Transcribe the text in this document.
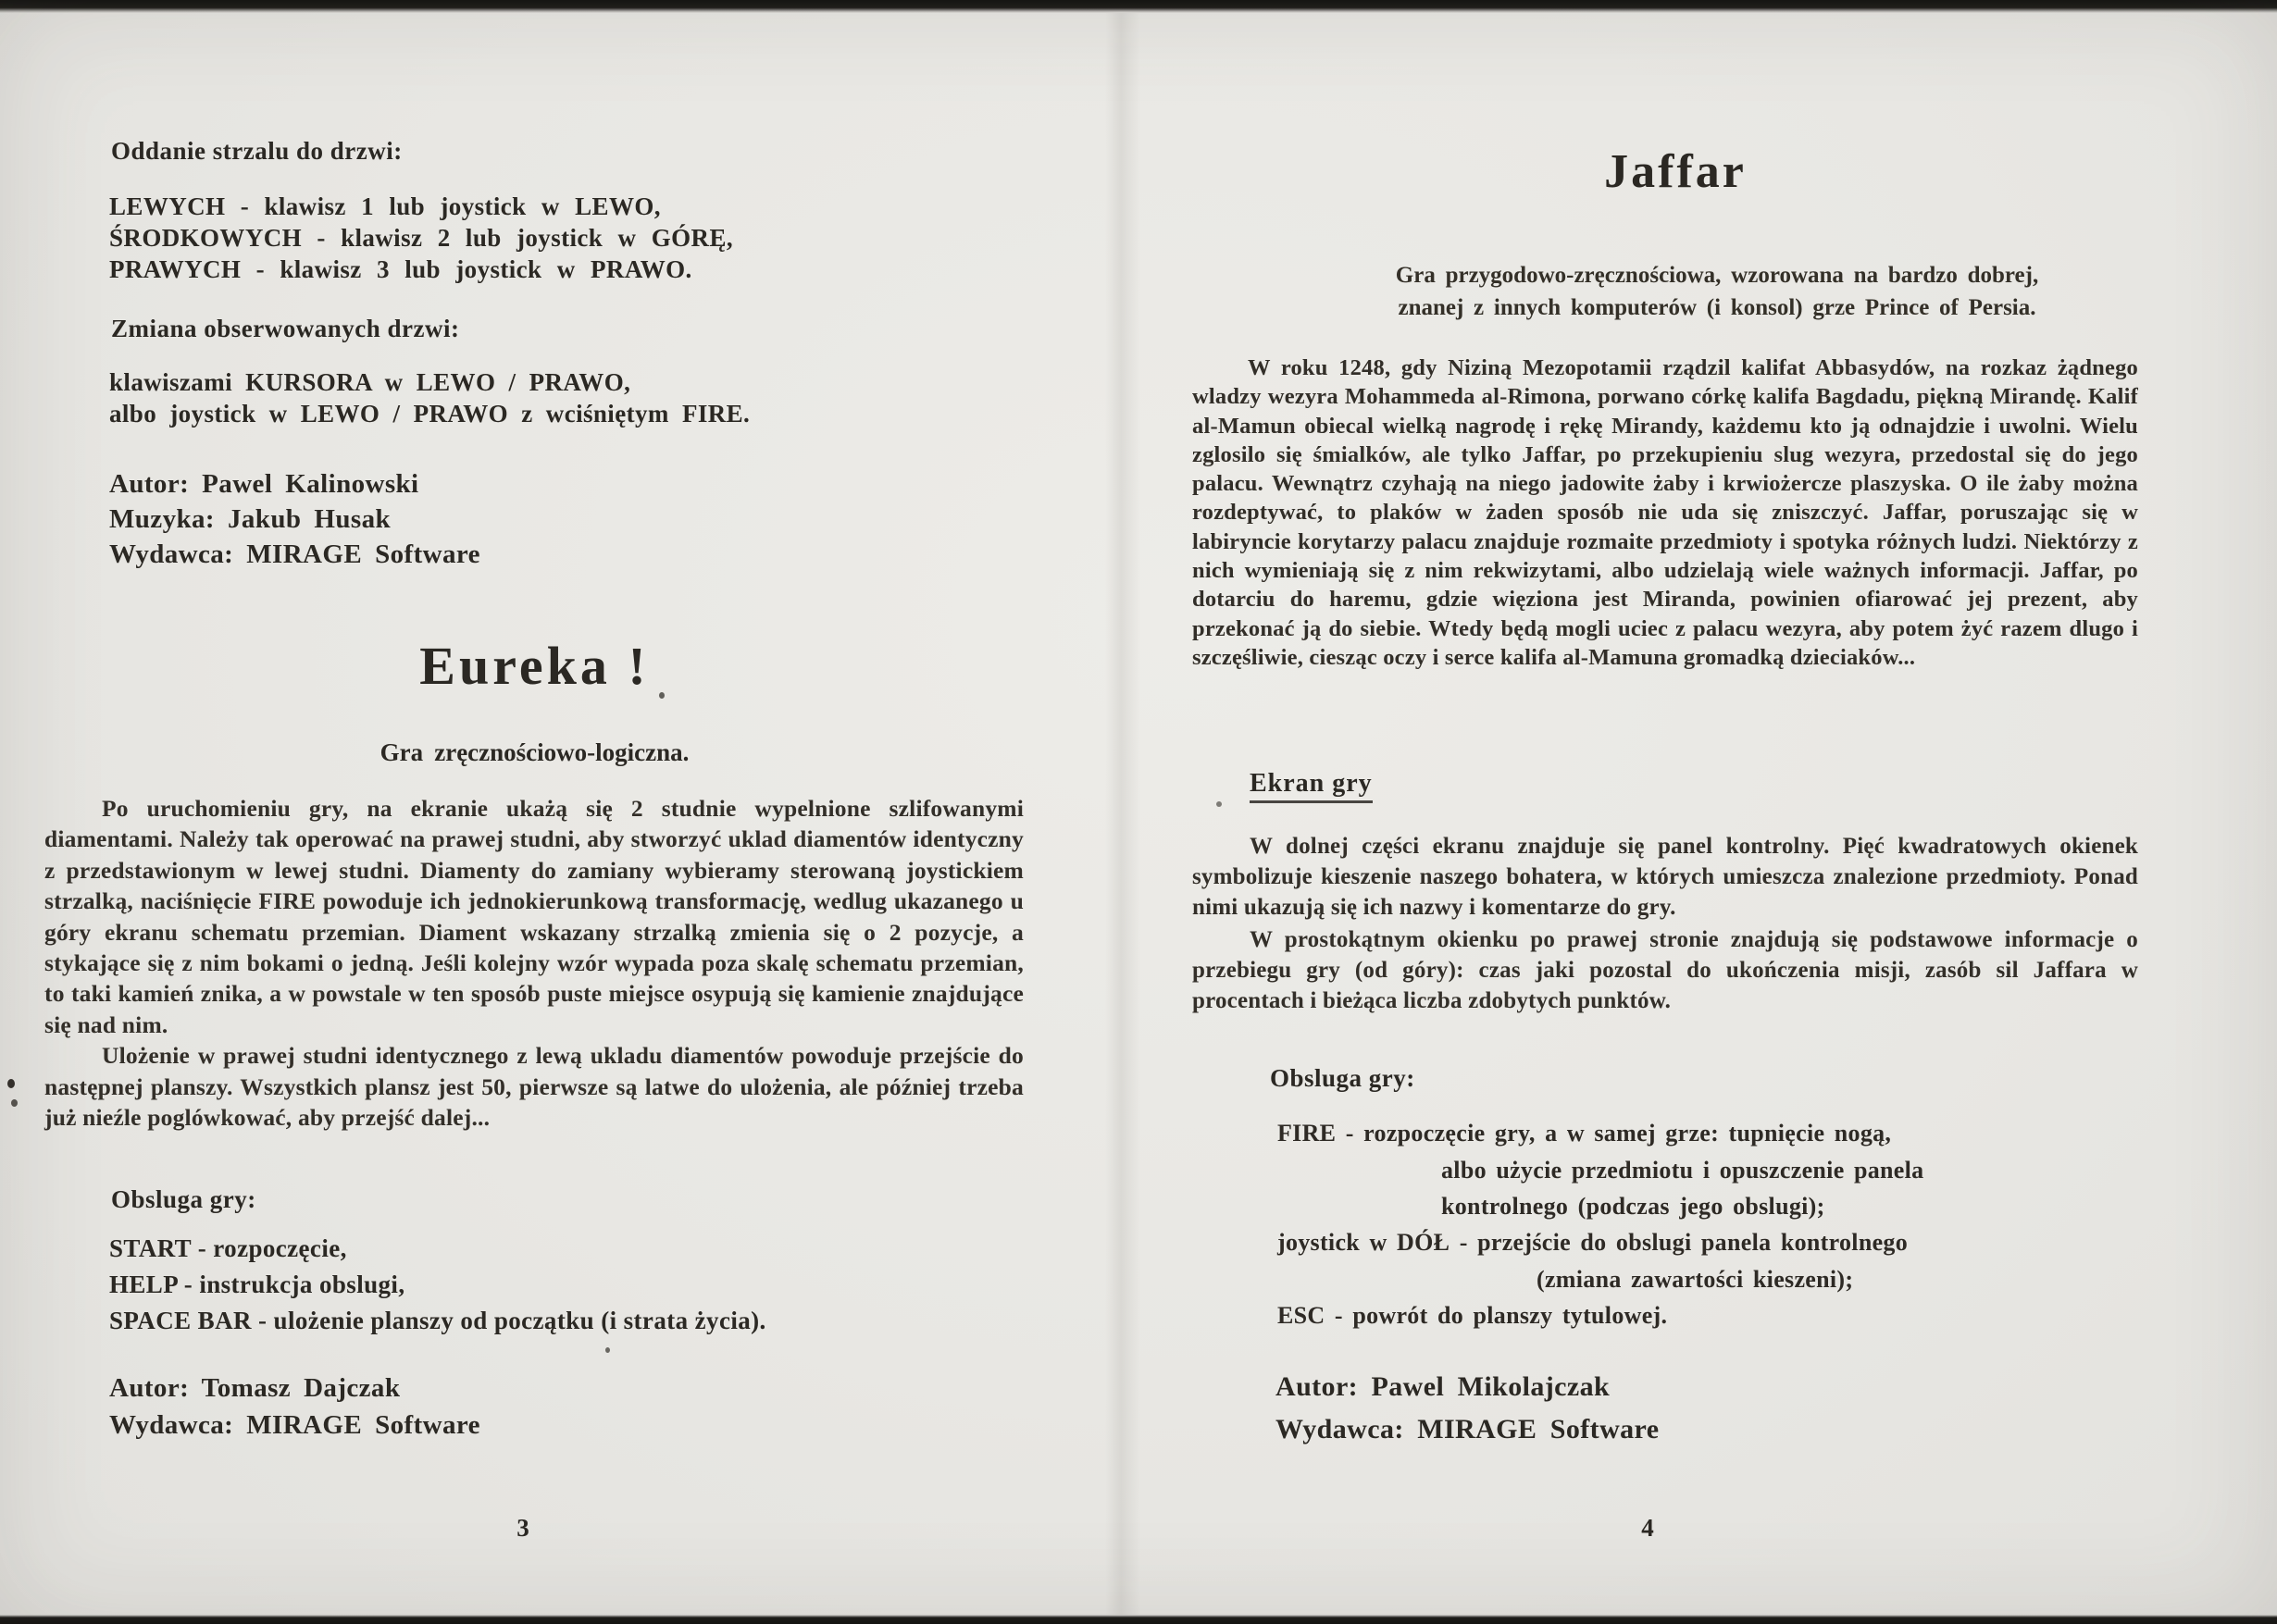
Oddanie strzalu do drzwi:
LEWYCH - klawisz 1 lub joystick w LEWO,
ŚRODKOWYCH - klawisz 2 lub joystick w GÓRĘ,
PRAWYCH - klawisz 3 lub joystick w PRAWO.
Zmiana obserwowanych drzwi:
klawiszami KURSORA w LEWO / PRAWO,
albo joystick w LEWO / PRAWO z wciśniętym FIRE.
Autor: Pawel Kalinowski
Muzyka: Jakub Husak
Wydawca: MIRAGE Software
Eureka !
Gra zręcznościowo-logiczna.

Po uruchomieniu gry, na ekranie ukażą się 2 studnie wypelnione szlifowanymi diamentami. Należy tak operować na prawej studni, aby stworzyć uklad diamentów identyczny z przedstawionym w lewej studni. Diamenty do zamiany wybieramy sterowaną joystickiem strzalką, naciśnięcie FIRE powoduje ich jednokierunkową transformację, wedlug ukazanego u góry ekranu schematu przemian. Diament wskazany strzalką zmienia się o 2 pozycje, a stykające się z nim bokami o jedną. Jeśli kolejny wzór wypada poza skalę schematu przemian, to taki kamień znika, a w powstale w ten sposób puste miejsce osypują się kamienie znajdujące się nad nim.

Ulożenie w prawej studni identycznego z lewą ukladu diamentów powoduje przejście do następnej planszy. Wszystkich plansz jest 50, pierwsze są latwe do ulożenia, ale później trzeba już nieźle poglówkować, aby przejść dalej...

Obsluga gry:
START - rozpoczęcie,
HELP - instrukcja obslugi,
SPACE BAR - ulożenie planszy od początku (i strata życia).
Autor: Tomasz Dajczak
Wydawca: MIRAGE Software
3
Jaffar
Gra przygodowo-zręcznościowa, wzorowana na bardzo dobrej,
znanej z innych komputerów (i konsol) grze Prince of Persia.

W roku 1248, gdy Niziną Mezopotamii rządzil kalifat Abbasydów, na rozkaz żądnego wladzy wezyra Mohammeda al-Rimona, porwano córkę kalifa Bagdadu, piękną Mirandę. Kalif al-Mamun obiecal wielką nagrodę i rękę Mirandy, każdemu kto ją odnajdzie i uwolni. Wielu zglosilo się śmialków, ale tylko Jaffar, po przekupieniu slug wezyra, przedostal się do jego palacu. Wewnątrz czyhają na niego jadowite żaby i krwiożercze plaszyska. O ile żaby można rozdeptywać, to plaków w żaden sposób nie uda się zniszczyć. Jaffar, poruszając się w labiryncie korytarzy palacu znajduje rozmaite przedmioty i spotyka różnych ludzi. Niektórzy z nich wymieniają się z nim rekwizytami, albo udzielają wiele ważnych informacji. Jaffar, po dotarciu do haremu, gdzie więziona jest Miranda, powinien ofiarować jej prezent, aby przekonać ją do siebie. Wtedy będą mogli uciec z palacu wezyra, aby potem żyć razem dlugo i szczęśliwie, ciesząc oczy i serce kalifa al-Mamuna gromadką dzieciaków...

Ekran gry

W dolnej części ekranu znajduje się panel kontrolny. Pięć kwadratowych okienek symbolizuje kieszenie naszego bohatera, w których umieszcza znalezione przedmioty. Ponad nimi ukazują się ich nazwy i komentarze do gry.

W prostokątnym okienku po prawej stronie znajdują się podstawowe informacje o przebiegu gry (od góry): czas jaki pozostal do ukończenia misji, zasób sil Jaffara w procentach i bieżąca liczba zdobytych punktów.

Obsluga gry:
FIRE - rozpoczęcie gry, a w samej grze: tupnięcie nogą,
albo użycie przedmiotu i opuszczenie panela
kontrolnego (podczas jego obslugi);
joystick w DÓŁ - przejście do obslugi panela kontrolnego
(zmiana zawartości kieszeni);
ESC - powrót do planszy tytulowej.
Autor: Pawel Mikolajczak
Wydawca: MIRAGE Software
4
